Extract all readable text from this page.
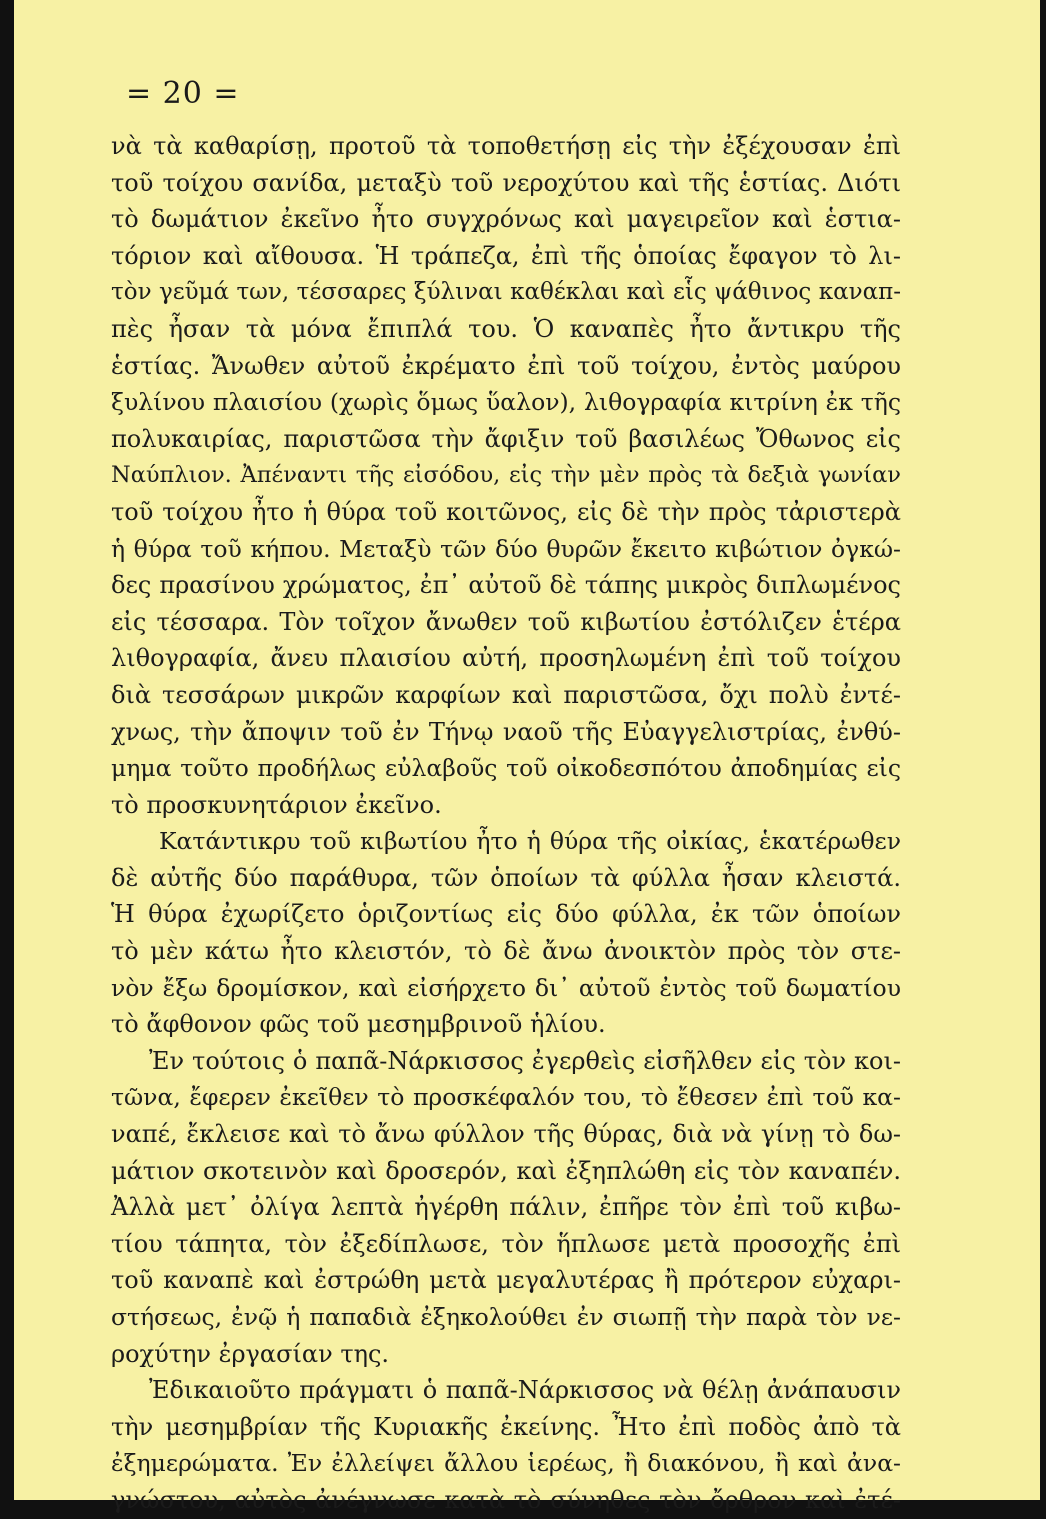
= 20 =
νὰ τὰ καθαρίσῃ, προτοῦ τὰ τοποθετήσῃ εἰς τὴν ἐξέχουσαν ἐπὶ
τοῦ τοίχου σανίδα, μεταξὺ τοῦ νεροχύτου καὶ τῆς ἑστίας. Διότι
τὸ δωμάτιον ἐκεῖνο ἦτο συγχρόνως καὶ μαγειρεῖον καὶ ἑστια-
τόριον καὶ αἴθουσα. Ἡ τράπεζα, ἐπὶ τῆς ὁποίας ἔφαγον τὸ λι-
τὸν γεῦμά των, τέσσαρες ξύλιναι καθέκλαι καὶ εἷς ψάθινος καναπ-
πὲς ἦσαν τὰ μόνα ἔπιπλά του. Ὁ καναπὲς ἦτο ἄντικρυ τῆς
ἑστίας. Ἄνωθεν αὐτοῦ ἐκρέματο ἐπὶ τοῦ τοίχου, ἐντὸς μαύρου
ξυλίνου πλαισίου (χωρὶς ὅμως ὕαλον), λιθογραφία κιτρίνη ἐκ τῆς
πολυκαιρίας, παριστῶσα τὴν ἄφιξιν τοῦ βασιλέως Ὄθωνος εἰς
Ναύπλιον. Ἀπέναντι τῆς εἰσόδου, εἰς τὴν μὲν πρὸς τὰ δεξιὰ γωνίαν
τοῦ τοίχου ἦτο ἡ θύρα τοῦ κοιτῶνος, εἰς δὲ τὴν πρὸς τἀριστερὰ
ἡ θύρα τοῦ κήπου. Μεταξὺ τῶν δύο θυρῶν ἔκειτο κιβώτιον ὀγκώ-
δες πρασίνου χρώματος, ἐπ᾽ αὐτοῦ δὲ τάπης μικρὸς διπλωμένος
εἰς τέσσαρα. Τὸν τοῖχον ἄνωθεν τοῦ κιβωτίου ἐστόλιζεν ἑτέρα
λιθογραφία, ἄνευ πλαισίου αὐτή, προσηλωμένη ἐπὶ τοῦ τοίχου
διὰ τεσσάρων μικρῶν καρφίων καὶ παριστῶσα, ὄχι πολὺ ἐντέ-
χνως, τὴν ἄποψιν τοῦ ἐν Τήνῳ ναοῦ τῆς Εὐαγγελιστρίας, ἐνθύ-
μημα τοῦτο προδήλως εὐλαβοῦς τοῦ οἰκοδεσπότου ἀποδημίας εἰς
τὸ προσκυνητάριον ἐκεῖνο.
Κατάντικρυ τοῦ κιβωτίου ἦτο ἡ θύρα τῆς οἰκίας, ἑκατέρωθεν
δὲ αὐτῆς δύο παράθυρα, τῶν ὁποίων τὰ φύλλα ἦσαν κλειστά.
Ἡ θύρα ἐχωρίζετο ὁριζοντίως εἰς δύο φύλλα, ἐκ τῶν ὁποίων
τὸ μὲν κάτω ἦτο κλειστόν, τὸ δὲ ἄνω ἀνοικτὸν πρὸς τὸν στε-
νὸν ἔξω δρομίσκον, καὶ εἰσήρχετο δι᾽ αὐτοῦ ἐντὸς τοῦ δωματίου
τὸ ἄφθονον φῶς τοῦ μεσημβρινοῦ ἡλίου.
Ἐν τούτοις ὁ παπᾶ-Νάρκισσος ἐγερθεὶς εἰσῆλθεν εἰς τὸν κοι-
τῶνα, ἔφερεν ἐκεῖθεν τὸ προσκέφαλόν του, τὸ ἔθεσεν ἐπὶ τοῦ κα-
ναπέ, ἔκλεισε καὶ τὸ ἄνω φύλλον τῆς θύρας, διὰ νὰ γίνῃ τὸ δω-
μάτιον σκοτεινὸν καὶ δροσερόν, καὶ ἐξηπλώθη εἰς τὸν καναπέν.
Ἀλλὰ μετ᾽ ὀλίγα λεπτὰ ἠγέρθη πάλιν, ἐπῆρε τὸν ἐπὶ τοῦ κιβω-
τίου τάπητα, τὸν ἐξεδίπλωσε, τὸν ἥπλωσε μετὰ προσοχῆς ἐπὶ
τοῦ καναπὲ καὶ ἐστρώθη μετὰ μεγαλυτέρας ἢ πρότερον εὐχαρι-
στήσεως, ἐνῷ ἡ παπαδιὰ ἐξηκολούθει ἐν σιωπῇ τὴν παρὰ τὸν νε-
ροχύτην ἐργασίαν της.
Ἐδικαιοῦτο πράγματι ὁ παπᾶ-Νάρκισσος νὰ θέλῃ ἀνάπαυσιν
τὴν μεσημβρίαν τῆς Κυριακῆς ἐκείνης. Ἦτο ἐπὶ ποδὸς ἀπὸ τὰ
ἐξημερώματα. Ἐν ἐλλείψει ἄλλου ἱερέως, ἢ διακόνου, ἢ καὶ ἀνα-
γνώστου, αὐτὸς ἀνέγνωσε κατὰ τὸ σύνηθες τὸν ὄρθρον καὶ ἐτέ-
